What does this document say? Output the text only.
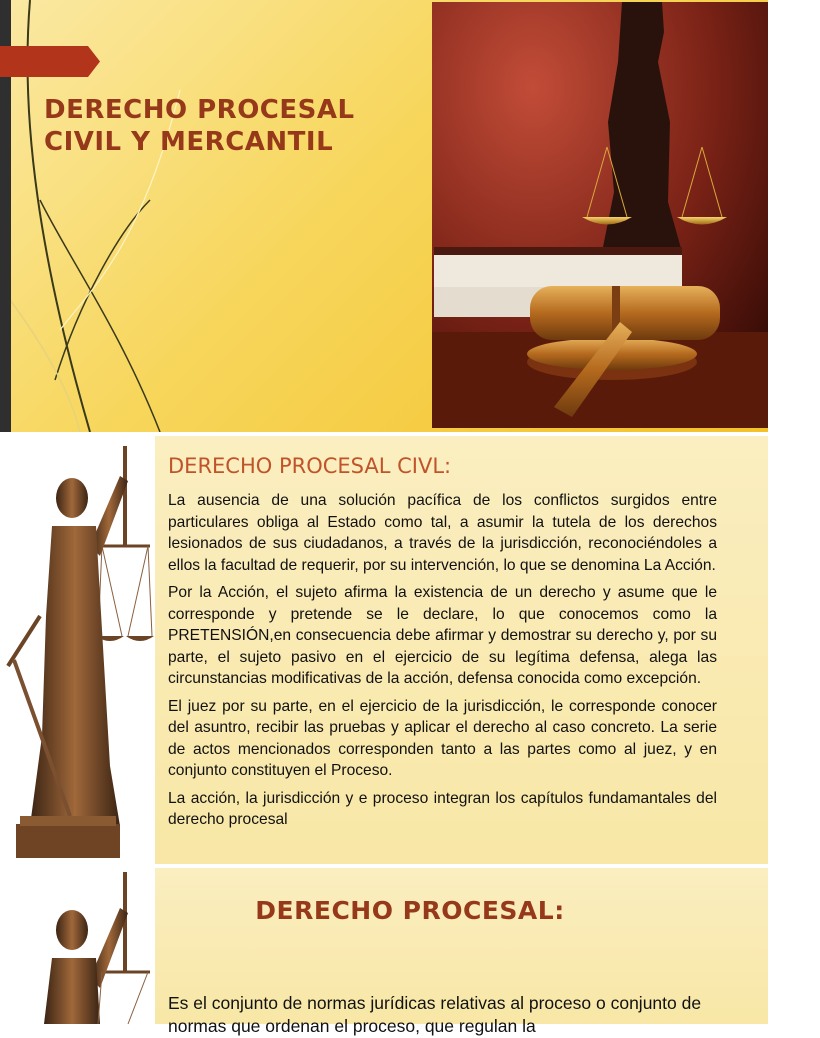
DERECHO PROCESAL
CIVIL Y MERCANTIL
DERECHO PROCESAL CIVL:

La ausencia de una solución pacífica de los conflictos surgidos entre particulares obliga al Estado como tal, a asumir la tutela de los derechos lesionados de sus ciudadanos, a través de la jurisdicción, reconociéndoles a ellos la facultad de requerir, por su intervención, lo que se denomina La Acción.

Por la Acción, el sujeto afirma la existencia de un derecho y asume que le corresponde y pretende se le declare, lo que conocemos como la PRETENSIÓN,en consecuencia debe afirmar y demostrar su derecho y, por su parte, el sujeto pasivo en el ejercicio de su legítima defensa, alega las circunstancias modificativas de la acción, defensa conocida como excepción.

El juez por su parte, en el ejercicio de la jurisdicción, le corresponde conocer del asuntro, recibir las pruebas y aplicar el derecho al caso concreto. La serie de actos mencionados corresponden tanto a las partes como al juez, y en conjunto constituyen el Proceso.

La acción, la jurisdicción y e proceso integran los capítulos fundamantales del derecho procesal

DERECHO PROCESAL:

Es el conjunto de normas jurídicas relativas al proceso o conjunto de normas que ordenan el proceso, que regulan la
